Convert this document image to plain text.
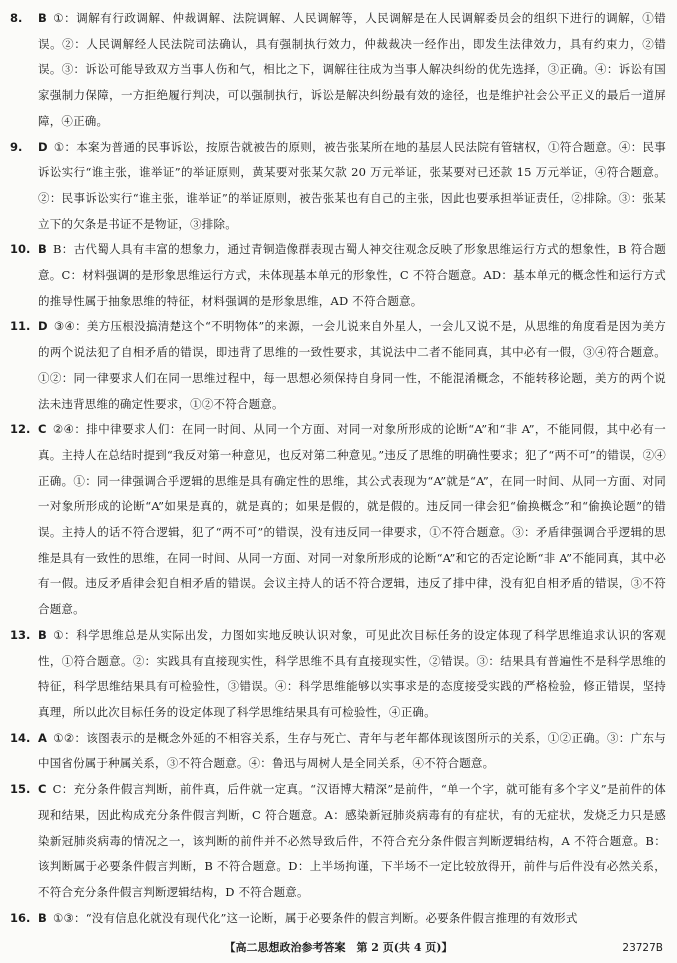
8. B ①：调解有行政调解、仲裁调解、法院调解、人民调解等，人民调解是在人民调解委员会的组织下进行的调解，①错误。②：人民调解经人民法院司法确认，具有强制执行效力，仲裁裁决一经作出，即发生法律效力，具有约束力，②错误。③：诉讼可能导致双方当事人伤和气，相比之下，调解往往成为当事人解决纠纷的优先选择，③正确。④：诉讼有国家强制力保障，一方拒绝履行判决，可以强制执行，诉讼是解决纠纷最有效的途径，也是维护社会公平正义的最后一道屏障，④正确。
9. D ①：本案为普通的民事诉讼，按原告就被告的原则，被告张某所在地的基层人民法院有管辖权，①符合题意。④：民事诉讼实行“谁主张，谁举证”的举证原则，黄某要对张某欠款 20 万元举证，张某要对已还款 15 万元举证，④符合题意。②：民事诉讼实行“谁主张，谁举证”的举证原则，被告张某也有自己的主张，因此也要承担举证责任，②排除。③：张某立下的欠条是书证不是物证，③排除。
10. B B：古代蜀人具有丰富的想象力，通过青铜造像群表现古蜀人神交往观念反映了形象思维运行方式的想象性，B 符合题意。C：材料强调的是形象思维运行方式，未体现基本单元的形象性，C 不符合题意。AD：基本单元的概念性和运行方式的推导性属于抽象思维的特征，材料强调的是形象思维，AD 不符合题意。
11. D ③④：美方压根没搞清楚这个“不明物体”的来源，一会儿说来自外星人，一会儿又说不是，从思维的角度看是因为美方的两个说法犯了自相矛盾的错误，即违背了思维的一致性要求，其说法中二者不能同真，其中必有一假，③④符合题意。①②：同一律要求人们在同一思维过程中，每一思想必须保持自身同一性，不能混淆概念，不能转移论题，美方的两个说法未违背思维的确定性要求，①②不符合题意。
12. C ②④：排中律要求人们：在同一时间、从同一个方面、对同一对象所形成的论断“A”和“非 A”，不能同假，其中必有一真。主持人在总结时提到“我反对第一种意见，也反对第二种意见。”违反了思维的明确性要求；犯了“两不可”的错误，②④正确。①：同一律强调合乎逻辑的思维是具有确定性的思维，其公式表现为“A”就是“A”，在同一时间、从同一方面、对同一对象所形成的论断“A”如果是真的，就是真的；如果是假的，就是假的。违反同一律会犯“偷换概念”和“偷换论题”的错误。主持人的话不符合逻辑，犯了“两不可”的错误，没有违反同一律要求，①不符合题意。③：矛盾律强调合乎逻辑的思维是具有一致性的思维，在同一时间、从同一方面、对同一对象所形成的论断“A”和它的否定论断“非 A”不能同真，其中必有一假。违反矛盾律会犯自相矛盾的错误。会议主持人的话不符合逻辑，违反了排中律，没有犯自相矛盾的错误，③不符合题意。
13. B ①：科学思维总是从实际出发，力图如实地反映认识对象，可见此次目标任务的设定体现了科学思维追求认识的客观性，①符合题意。②：实践具有直接现实性，科学思维不具有直接现实性，②错误。③：结果具有普遍性不是科学思维的特征，科学思维结果具有可检验性，③错误。④：科学思维能够以实事求是的态度接受实践的严格检验，修正错误，坚持真理，所以此次目标任务的设定体现了科学思维结果具有可检验性，④正确。
14. A ①②：该图表示的是概念外延的不相容关系，生存与死亡、青年与老年都体现该图所示的关系，①②正确。③：广东与中国省份属于种属关系，③不符合题意。④：鲁迅与周树人是全同关系，④不符合题意。
15. C C：充分条件假言判断，前件真，后件就一定真。“汉语博大精深”是前件，“单一个字，就可能有多个字义”是前件的体现和结果，因此构成充分条件假言判断，C 符合题意。A：感染新冠肺炎病毒有的有症状，有的无症状，发烧乏力只是感染新冠肺炎病毒的情况之一，该判断的前件并不必然导致后件，不符合充分条件假言判断逻辑结构，A 不符合题意。B：该判断属于必要条件假言判断，B 不符合题意。D：上半场拘谨，下半场不一定比较放得开，前件与后件没有必然关系，不符合充分条件假言判断逻辑结构，D 不符合题意。
16. B ①③：“没有信息化就没有现代化”这一论断，属于必要条件的假言判断。必要条件假言推理的有效形式
【高二思想政治参考答案　第 2 页(共 4 页)】	23727B
